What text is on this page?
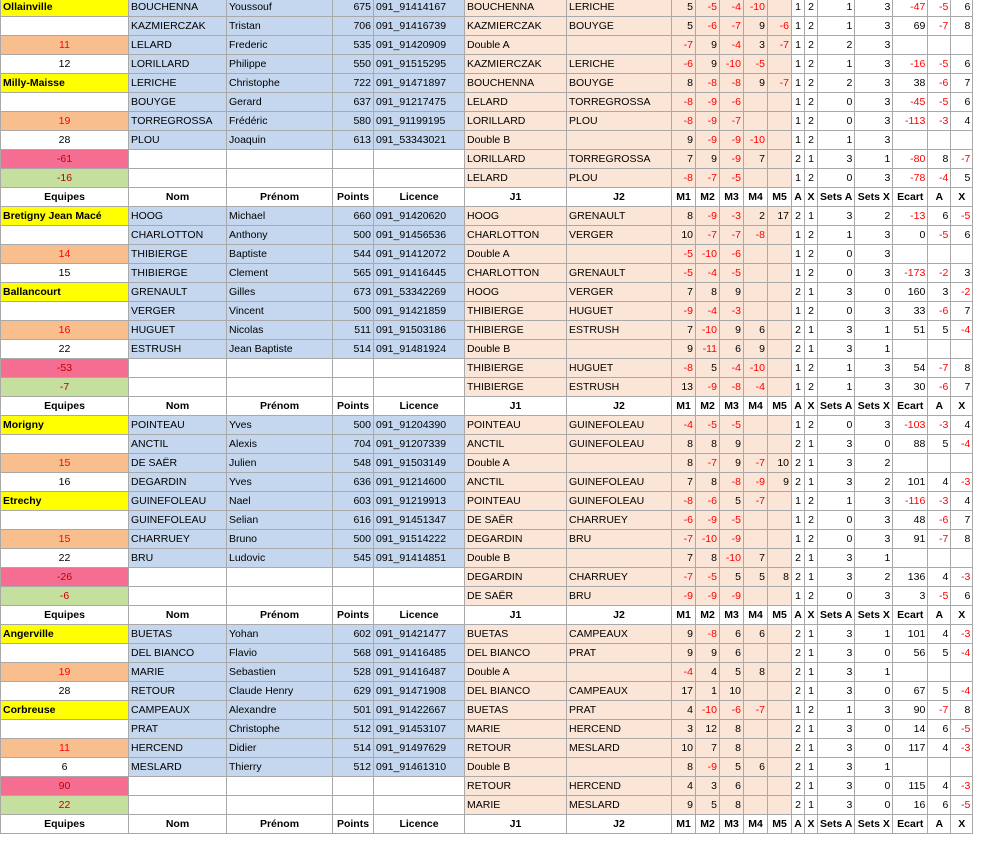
Ollainville	BOUCHENNA	Youssouf	675	091_91414167	BOUCHENNA	LERICHE	5	-5	-4	-10		1	2	1	3	-47	-5	6
	KAZMIERCZAK	Tristan	706	091_91416739	KAZMIERCZAK	BOUYGE	5	-6	-7	9	-6	1	2	1	3	69	-7	8
11	LELARD	Frederic	535	091_91420909	Double A		-7	9	-4	3	-7	1	2	2	3			
12	LORILLARD	Philippe	550	091_91515295	KAZMIERCZAK	LERICHE	-6	9	-10	-5		1	2	1	3	-16	-5	6
Milly-Maisse	LERICHE	Christophe	722	091_91471897	BOUCHENNA	BOUYGE	8	-8	-8	9	-7	1	2	2	3	38	-6	7
	BOUYGE	Gerard	637	091_91217475	LELARD	TORREGROSSA	-8	-9	-6			1	2	0	3	-45	-5	6
19	TORREGROSSA	Frédéric	580	091_91199195	LORILLARD	PLOU	-8	-9	-7			1	2	0	3	-113	-3	4
28	PLOU	Joaquin	613	091_53343021	Double B		9	-9	-9	-10		1	2	1	3			
-61					LORILLARD	TORREGROSSA	7	9	-9	7		2	1	3	1	-80	8	-7
-16					LELARD	PLOU	-8	-7	-5			1	2	0	3	-78	-4	5
Equipes	Nom	Prénom	Points	Licence	J1	J2	M1	M2	M3	M4	M5	A	X	Sets A	Sets X	Ecart	A	X
Bretigny Jean Macé	HOOG	Michael	660	091_91420620	HOOG	GRENAULT	8	-9	-3	2	17	2	1	3	2	-13	6	-5
	CHARLOTTON	Anthony	500	091_91456536	CHARLOTTON	VERGER	10	-7	-7	-8		1	2	1	3	0	-5	6
14	THIBIERGE	Baptiste	544	091_91412072	Double A		-5	-10	-6			1	2	0	3			
15	THIBIERGE	Clement	565	091_91416445	CHARLOTTON	GRENAULT	-5	-4	-5			1	2	0	3	-173	-2	3
Ballancourt	GRENAULT	Gilles	673	091_53342269	HOOG	VERGER	7	8	9			2	1	3	0	160	3	-2
	VERGER	Vincent	500	091_91421859	THIBIERGE	HUGUET	-9	-4	-3			1	2	0	3	33	-6	7
16	HUGUET	Nicolas	511	091_91503186	THIBIERGE	ESTRUSH	7	-10	9	6		2	1	3	1	51	5	-4
22	ESTRUSH	Jean Baptiste	514	091_91481924	Double B		9	-11	6	9		2	1	3	1			
-53					THIBIERGE	HUGUET	-8	5	-4	-10		1	2	1	3	54	-7	8
-7					THIBIERGE	ESTRUSH	13	-9	-8	-4		1	2	1	3	30	-6	7
Equipes	Nom	Prénom	Points	Licence	J1	J2	M1	M2	M3	M4	M5	A	X	Sets A	Sets X	Ecart	A	X
Morigny	POINTEAU	Yves	500	091_91204390	POINTEAU	GUINEFOLEAU	-4	-5	-5			1	2	0	3	-103	-3	4
	ANCTIL	Alexis	704	091_91207339	ANCTIL	GUINEFOLEAU	8	8	9			2	1	3	0	88	5	-4
15	DE SAËR	Julien	548	091_91503149	Double A		8	-7	9	-7	10	2	1	3	2			
16	DEGARDIN	Yves	636	091_91214600	ANCTIL	GUINEFOLEAU	7	8	-8	-9	9	2	1	3	2	101	4	-3
Etrechy	GUINEFOLEAU	Nael	603	091_91219913	POINTEAU	GUINEFOLEAU	-8	-6	5	-7		1	2	1	3	-116	-3	4
	GUINEFOLEAU	Selian	616	091_91451347	DE SAËR	CHARRUEY	-6	-9	-5			1	2	0	3	48	-6	7
15	CHARRUEY	Bruno	500	091_91514222	DEGARDIN	BRU	-7	-10	-9			1	2	0	3	91	-7	8
22	BRU	Ludovic	545	091_91414851	Double B		7	8	-10	7		2	1	3	1			
-26					DEGARDIN	CHARRUEY	-7	-5	5	5	8	2	1	3	2	136	4	-3
-6					DE SAËR	BRU	-9	-9	-9			1	2	0	3	3	-5	6
Equipes	Nom	Prénom	Points	Licence	J1	J2	M1	M2	M3	M4	M5	A	X	Sets A	Sets X	Ecart	A	X
Angerville	BUETAS	Yohan	602	091_91421477	BUETAS	CAMPEAUX	9	-8	6	6		2	1	3	1	101	4	-3
	DEL BIANCO	Flavio	568	091_91416485	DEL BIANCO	PRAT	9	9	6			2	1	3	0	56	5	-4
19	MARIE	Sebastien	528	091_91416487	Double A		-4	4	5	8		2	1	3	1			
28	RETOUR	Claude Henry	629	091_91471908	DEL BIANCO	CAMPEAUX	17	1	10			2	1	3	0	67	5	-4
Corbreuse	CAMPEAUX	Alexandre	501	091_91422667	BUETAS	PRAT	4	-10	-6	-7		1	2	1	3	90	-7	8
	PRAT	Christophe	512	091_91453107	MARIE	HERCEND	3	12	8			2	1	3	0	14	6	-5
11	HERCEND	Didier	514	091_91497629	RETOUR	MESLARD	10	7	8			2	1	3	0	117	4	-3
6	MESLARD	Thierry	512	091_91461310	Double B		8	-9	5	6		2	1	3	1			
90					RETOUR	HERCEND	4	3	6			2	1	3	0	115	4	-3
22					MARIE	MESLARD	9	5	8			2	1	3	0	16	6	-5
Equipes	Nom	Prénom	Points	Licence	J1	J2	M1	M2	M3	M4	M5	A	X	Sets A	Sets X	Ecart	A	X
